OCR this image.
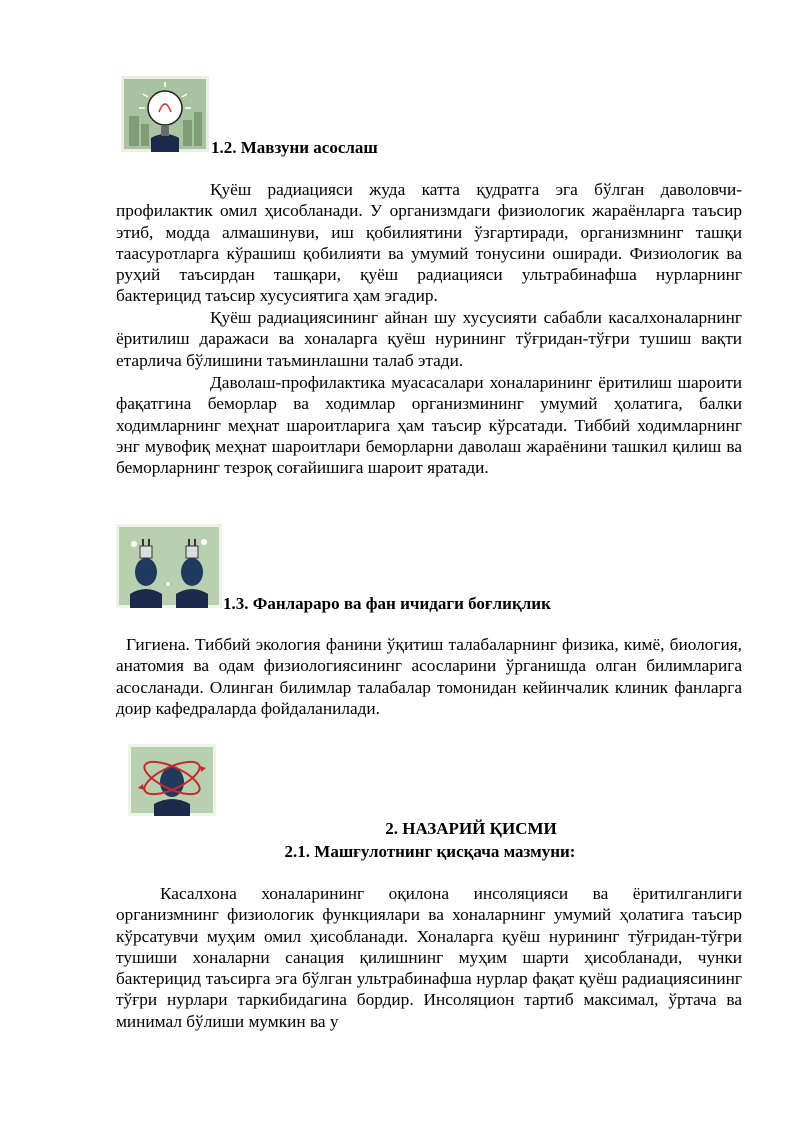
1.2. Мавзуни асослаш
Қуёш радиацияси жуда катта қудратга эга бўлган даволовчи-профилактик омил ҳисобланади. У организмдаги физиологик жараёнларга таъсир этиб, модда алмашинуви, иш қобилиятини ўзгартиради, организмнинг ташқи таасуротларга кўрашиш қобилияти ва умумий тонусини оширади. Физиологик ва руҳий таъсирдан ташқари, қуёш радиацияси ультрабинафша нурларнинг бактерицид таъсир хусусиятига ҳам эгадир.
Қуёш радиациясининг айнан шу хусусияти сабабли касалхоналарнинг ёритилиш даражаси ва хоналарга қуёш нурининг тўғридан-тўғри тушиш вақти етарлича бўлишини таъминлашни талаб этади.
Даволаш-профилактика муасасалари хоналарининг ёритилиш шароити фақатгина беморлар ва ходимлар организмининг умумий ҳолатига, балки ходимларнинг меҳнат шароитларига ҳам таъсир кўрсатади. Тиббий ходимларнинг энг мувофиқ меҳнат шароитлари беморларни даволаш жараёнини ташкил қилиш ва беморларнинг тезроқ соғайишига шароит яратади.
1.3. Фанлараро ва фан ичидаги боғлиқлик
Гигиена. Тиббий экология фанини ўқитиш талабаларнинг физика, кимё, биология, анатомия ва одам физиологиясининг асосларини ўрганишда олган билимларига асосланади. Олинган билимлар талабалар томонидан кейинчалик клиник фанларга доир кафедраларда фойдаланилади.
2. НАЗАРИЙ ҚИСМИ
2.1. Машғулотнинг қисқача мазмуни:
Касалхона хоналарининг оқилона инсоляцияси ва ёритилганлиги организмнинг физиологик функциялари ва хоналарнинг умумий ҳолатига таъсир кўрсатувчи муҳим омил ҳисобланади. Хоналарга қуёш нурининг тўғридан-тўғри тушиши хоналарни санация қилишнинг муҳим шарти ҳисобланади, чунки бактерицид таъсирга эга бўлган ультрабинафша нурлар фақат қуёш радиациясининг тўғри нурлари таркибидагина бордир. Инсоляцион тартиб максимал, ўртача ва минимал бўлиши мумкин ва у
